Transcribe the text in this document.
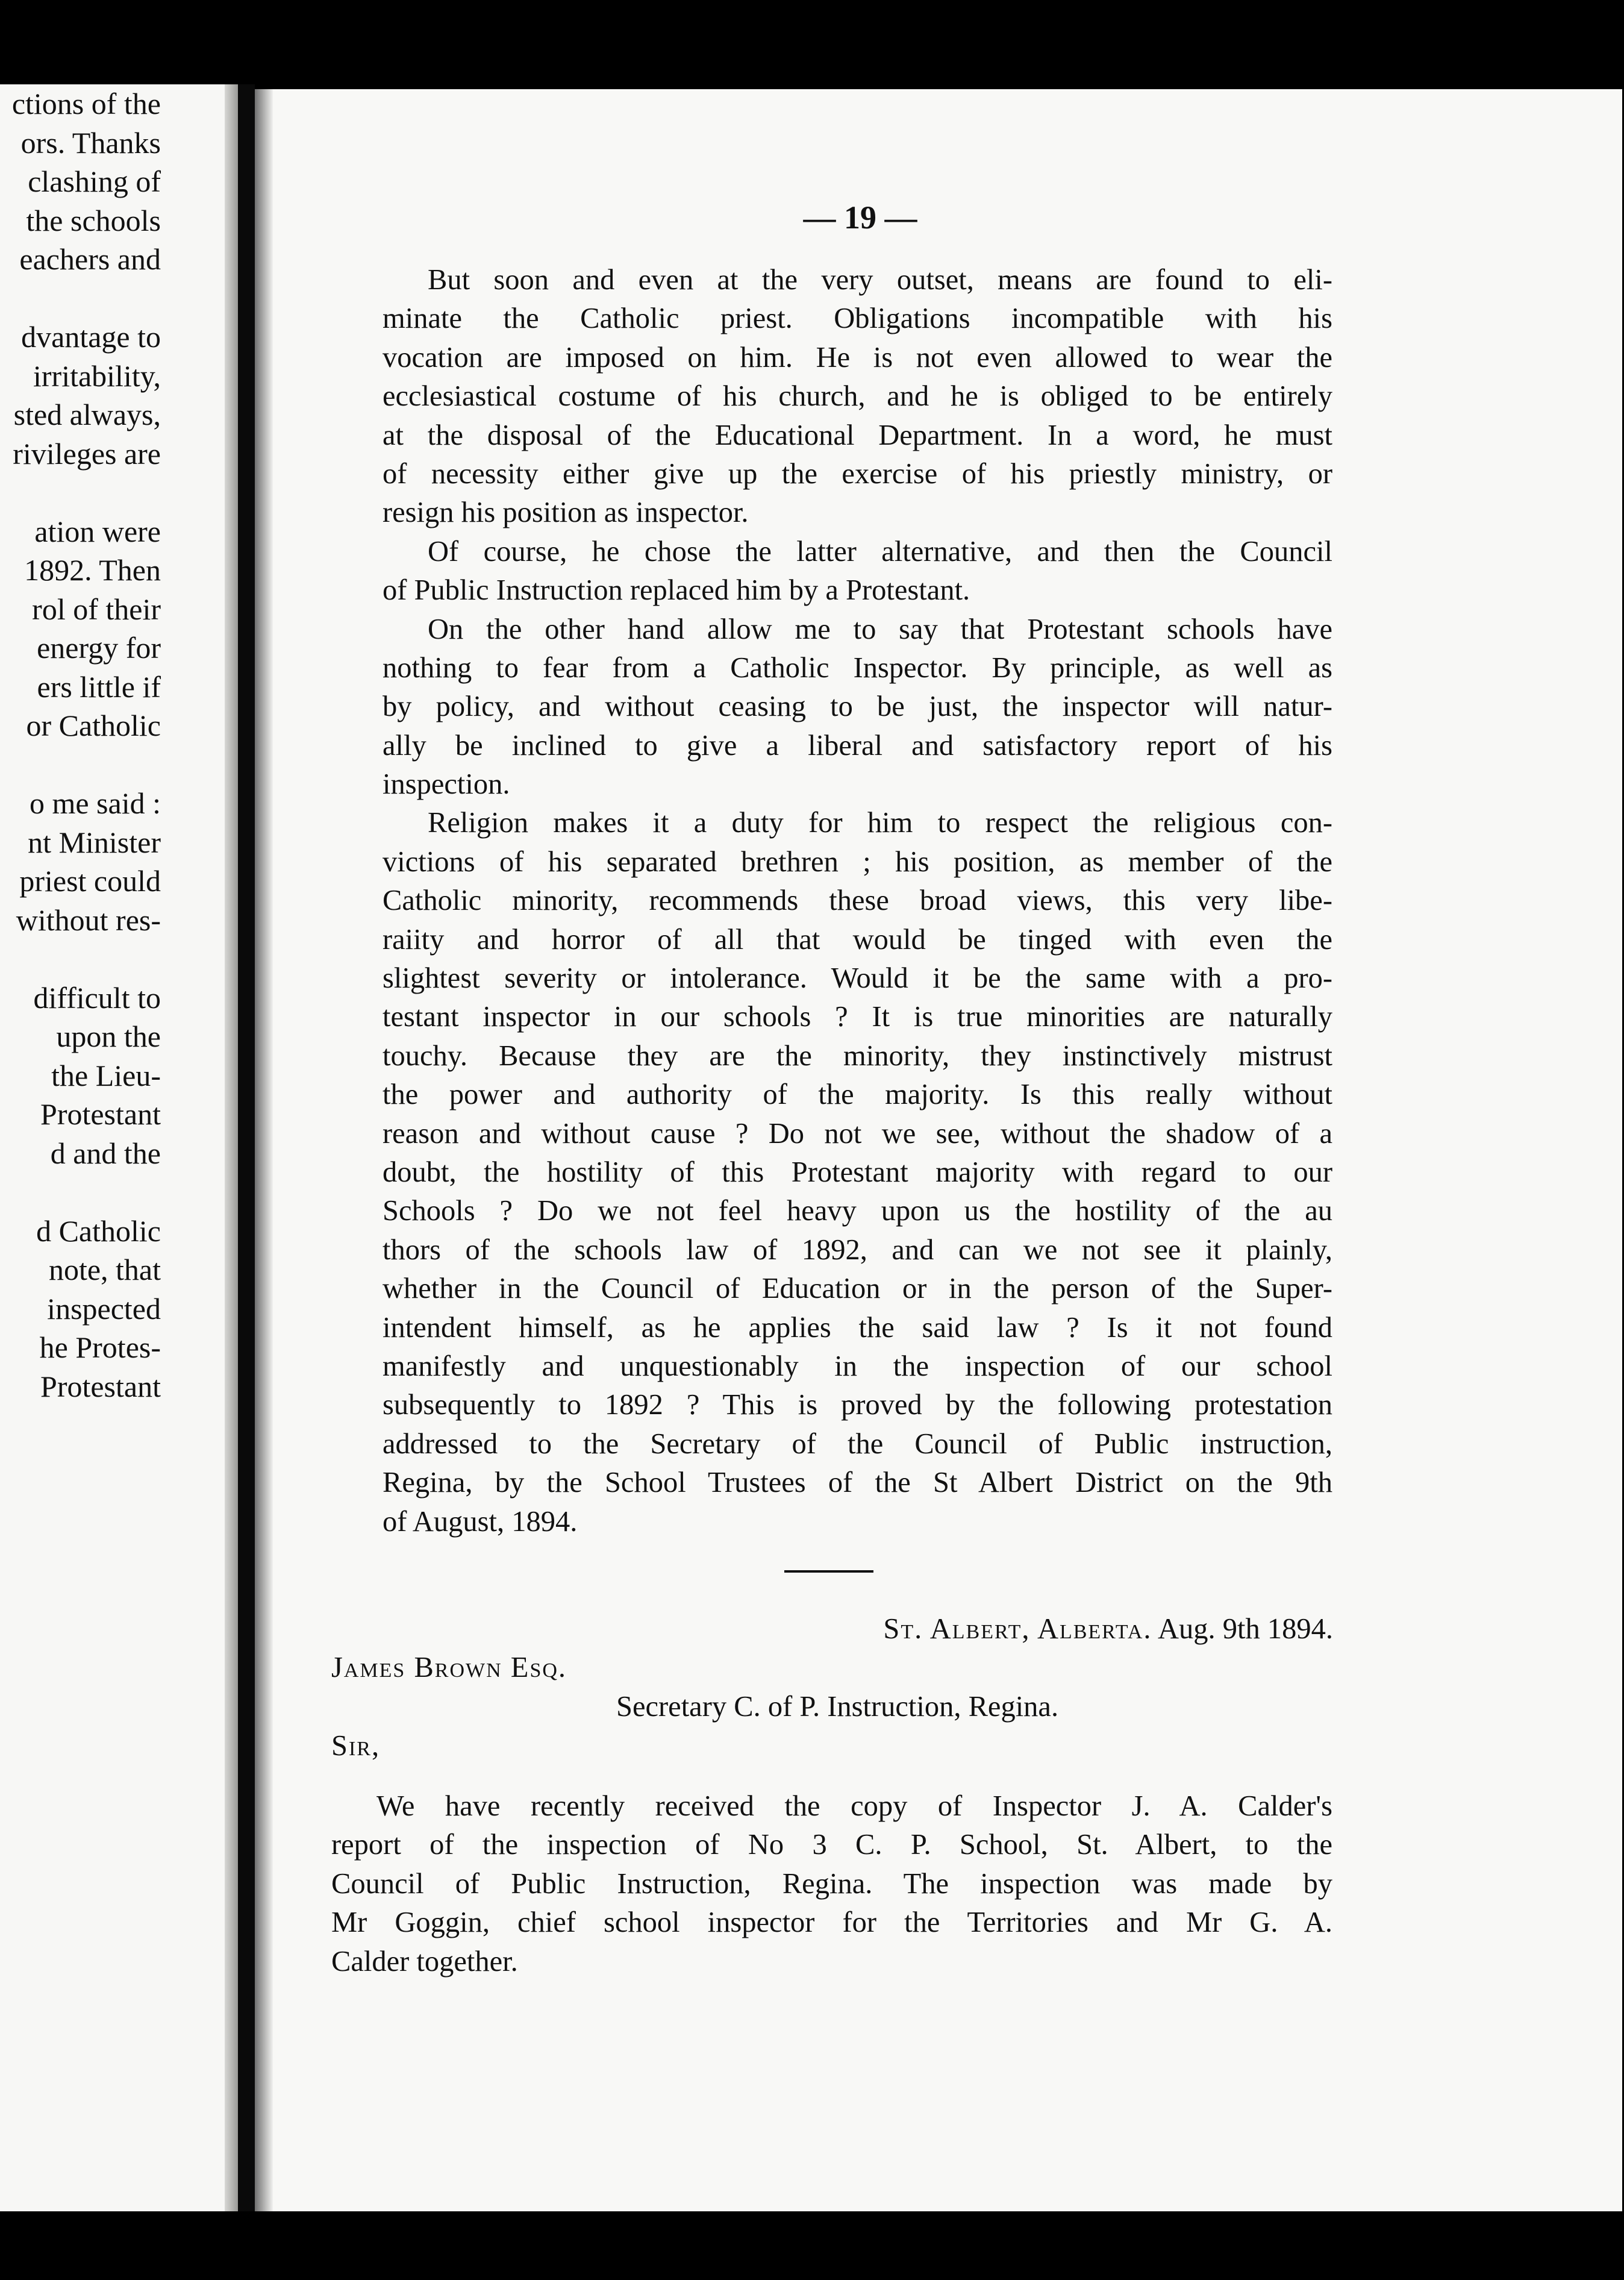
ctions of the
ors. Thanks
clashing of
the schools
eachers and
dvantage to
irritability,
sted always,
rivileges are
ation were
1892. Then
rol of their
energy for
ers little if
or Catholic
o me said :
nt Minister
priest could
without res-
difficult to
upon the
the Lieu-
Protestant
d and the
d Catholic
note, that
inspected
he Protes-
Protestant
— 19 —
But soon and even at the very outset, means are found to eli-
minate the Catholic priest. Obligations incompatible with his
vocation are imposed on him. He is not even allowed to wear the
ecclesiastical costume of his church, and he is obliged to be entirely
at the disposal of the Educational Department. In a word, he must
of necessity either give up the exercise of his priestly ministry, or
resign his position as inspector.
Of course, he chose the latter alternative, and then the Council
of Public Instruction replaced him by a Protestant.
On the other hand allow me to say that Protestant schools have
nothing to fear from a Catholic Inspector. By principle, as well as
by policy, and without ceasing to be just, the inspector will natur-
ally be inclined to give a liberal and satisfactory report of his
inspection.
Religion makes it a duty for him to respect the religious con-
victions of his separated brethren ; his position, as member of the
Catholic minority, recommends these broad views, this very libe-
raiity and horror of all that would be tinged with even the
slightest severity or intolerance. Would it be the same with a pro-
testant inspector in our schools ? It is true minorities are naturally
touchy. Because they are the minority, they instinctively mistrust
the power and authority of the majority. Is this really without
reason and without cause ? Do not we see, without the shadow of a
doubt, the hostility of this Protestant majority with regard to our
Schools ? Do we not feel heavy upon us the hostility of the au
thors of the schools law of 1892, and can we not see it plainly,
whether in the Council of Education or in the person of the Super-
intendent himself, as he applies the said law ? Is it not found
manifestly and unquestionably in the inspection of our school
subsequently to 1892 ? This is proved by the following protestation
addressed to the Secretary of the Council of Public instruction,
Regina, by the School Trustees of the St Albert District on the 9th
of August, 1894.
St. Albert, Alberta. Aug. 9th 1894.
James Brown Esq.
Secretary C. of P. Instruction, Regina.
Sir,
We have recently received the copy of Inspector J. A. Calder's
report of the inspection of No 3 C. P. School, St. Albert, to the
Council of Public Instruction, Regina. The inspection was made by
Mr Goggin, chief school inspector for the Territories and Mr G. A.
Calder together.
